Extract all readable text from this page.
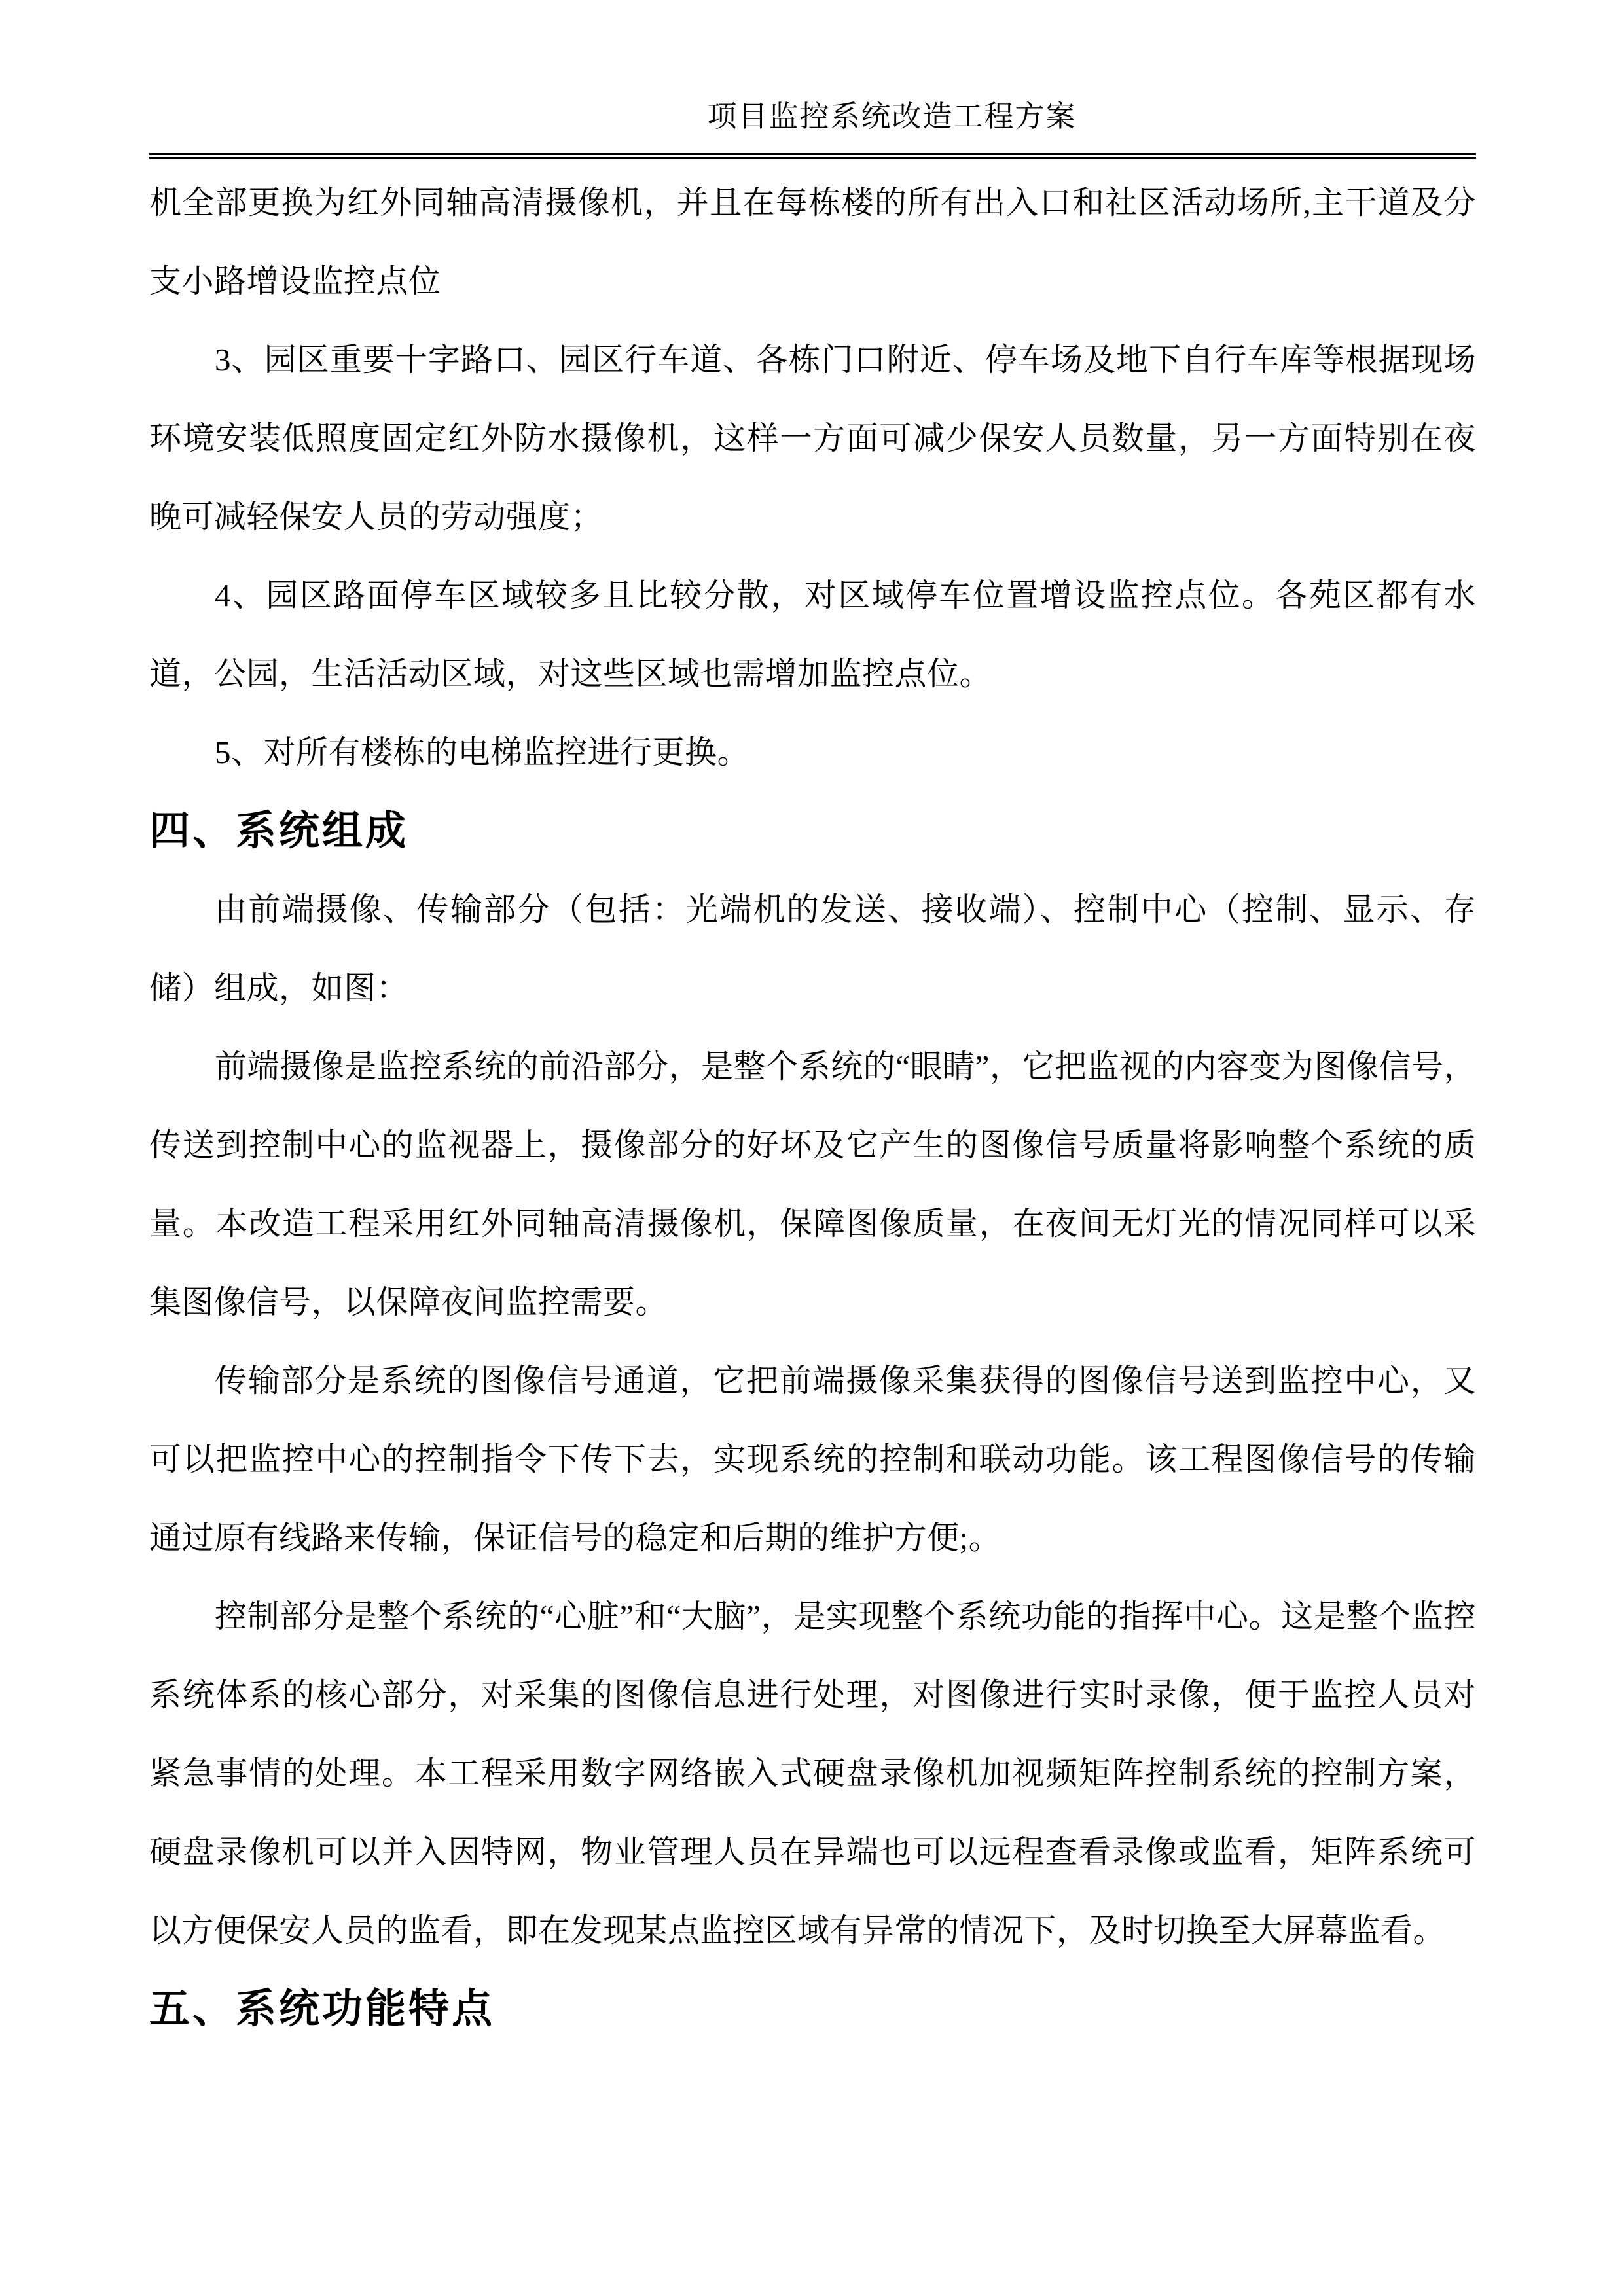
项目监控系统改造工程方案

机全部更换为红外同轴高清摄像机，并且在每栋楼的所有出入口和社区活动场所,主干道及分支小路增设监控点位

3、园区重要十字路口、园区行车道、各栋门口附近、停车场及地下自行车库等根据现场环境安装低照度固定红外防水摄像机，这样一方面可减少保安人员数量，另一方面特别在夜晚可减轻保安人员的劳动强度；

4、园区路面停车区域较多且比较分散，对区域停车位置增设监控点位。各苑区都有水道，公园，生活活动区域，对这些区域也需增加监控点位。

5、对所有楼栋的电梯监控进行更换。

四、系统组成

由前端摄像、传输部分（包括：光端机的发送、接收端）、控制中心（控制、显示、存储）组成，如图：

前端摄像是监控系统的前沿部分，是整个系统的“眼睛”，它把监视的内容变为图像信号，传送到控制中心的监视器上，摄像部分的好坏及它产生的图像信号质量将影响整个系统的质量。本改造工程采用红外同轴高清摄像机，保障图像质量，在夜间无灯光的情况同样可以采集图像信号，以保障夜间监控需要。

传输部分是系统的图像信号通道，它把前端摄像采集获得的图像信号送到监控中心，又可以把监控中心的控制指令下传下去，实现系统的控制和联动功能。该工程图像信号的传输通过原有线路来传输，保证信号的稳定和后期的维护方便;。

控制部分是整个系统的“心脏”和“大脑”，是实现整个系统功能的指挥中心。这是整个监控系统体系的核心部分，对采集的图像信息进行处理，对图像进行实时录像，便于监控人员对紧急事情的处理。本工程采用数字网络嵌入式硬盘录像机加视频矩阵控制系统的控制方案，硬盘录像机可以并入因特网，物业管理人员在异端也可以远程查看录像或监看，矩阵系统可以方便保安人员的监看，即在发现某点监控区域有异常的情况下，及时切换至大屏幕监看。

五、系统功能特点
